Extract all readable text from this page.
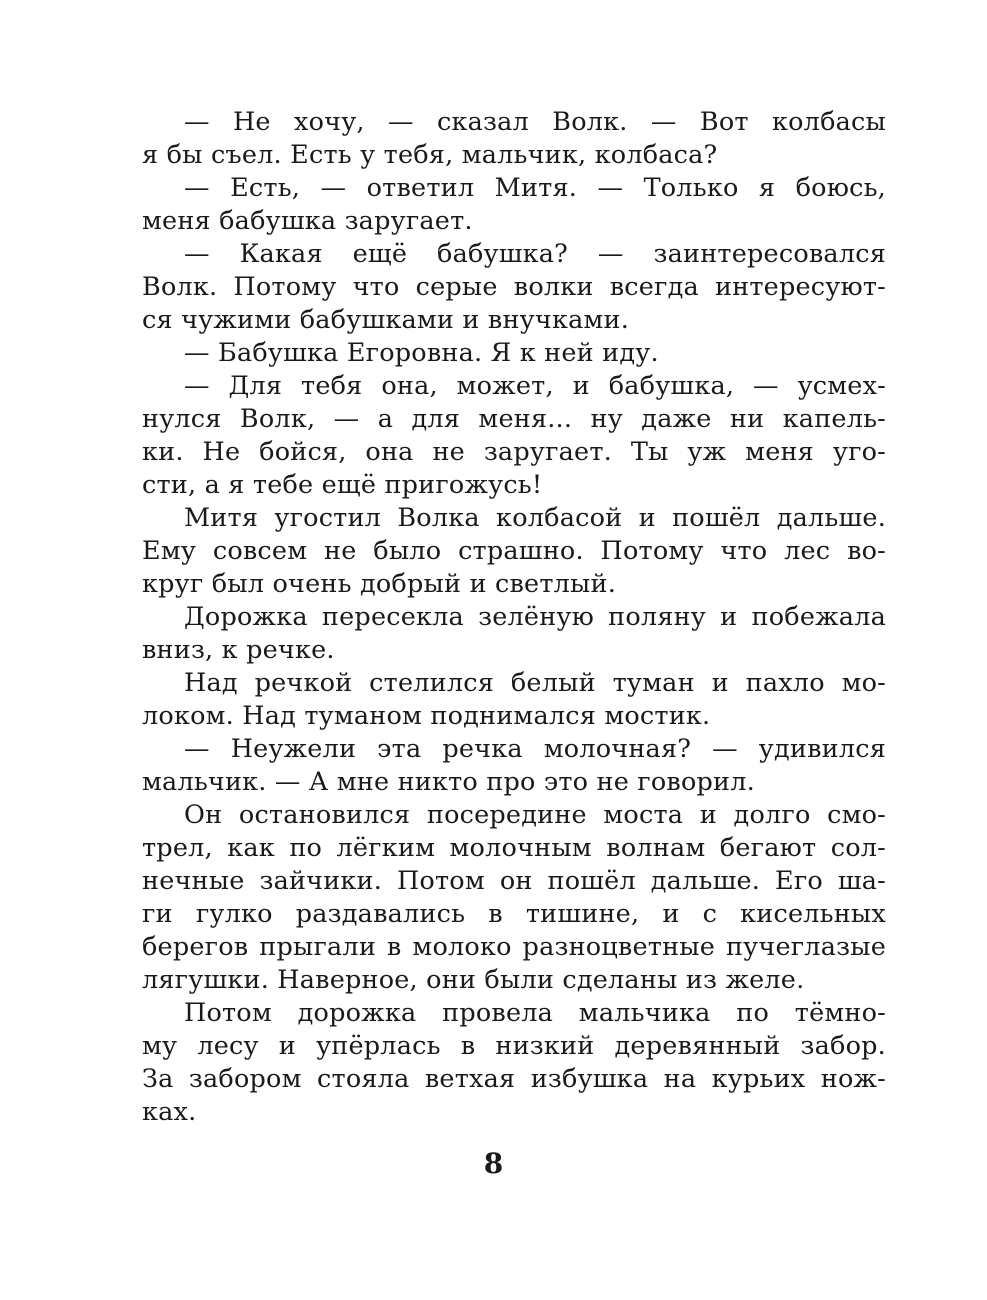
— Не хочу, — сказал Волк. — Вот колбасы
я бы съел. Есть у тебя, мальчик, колбаса?
— Есть, — ответил Митя. — Только я боюсь,
меня бабушка заругает.
— Какая ещё бабушка? — заинтересовался
Волк. Потому что серые волки всегда интересуют-
ся чужими бабушками и внучками.
— Бабушка Егоровна. Я к ней иду.
— Для тебя она, может, и бабушка, — усмех-
нулся Волк, — а для меня... ну даже ни капель-
ки. Не бойся, она не заругает. Ты уж меня уго-
сти, а я тебе ещё пригожусь!
Митя угостил Волка колбасой и пошёл дальше.
Ему совсем не было страшно. Потому что лес во-
круг был очень добрый и светлый.
Дорожка пересекла зелёную поляну и побежала
вниз, к речке.
Над речкой стелился белый туман и пахло мо-
локом. Над туманом поднимался мостик.
— Неужели эта речка молочная? — удивился
мальчик. — А мне никто про это не говорил.
Он остановился посередине моста и долго смо-
трел, как по лёгким молочным волнам бегают сол-
нечные зайчики. Потом он пошёл дальше. Его ша-
ги гулко раздавались в тишине, и с кисельных
берегов прыгали в молоко разноцветные пучеглазые
лягушки. Наверное, они были сделаны из желе.
Потом дорожка провела мальчика по тёмно-
му лесу и упёрлась в низкий деревянный забор.
За забором стояла ветхая избушка на курьих нож-
ках.
8
